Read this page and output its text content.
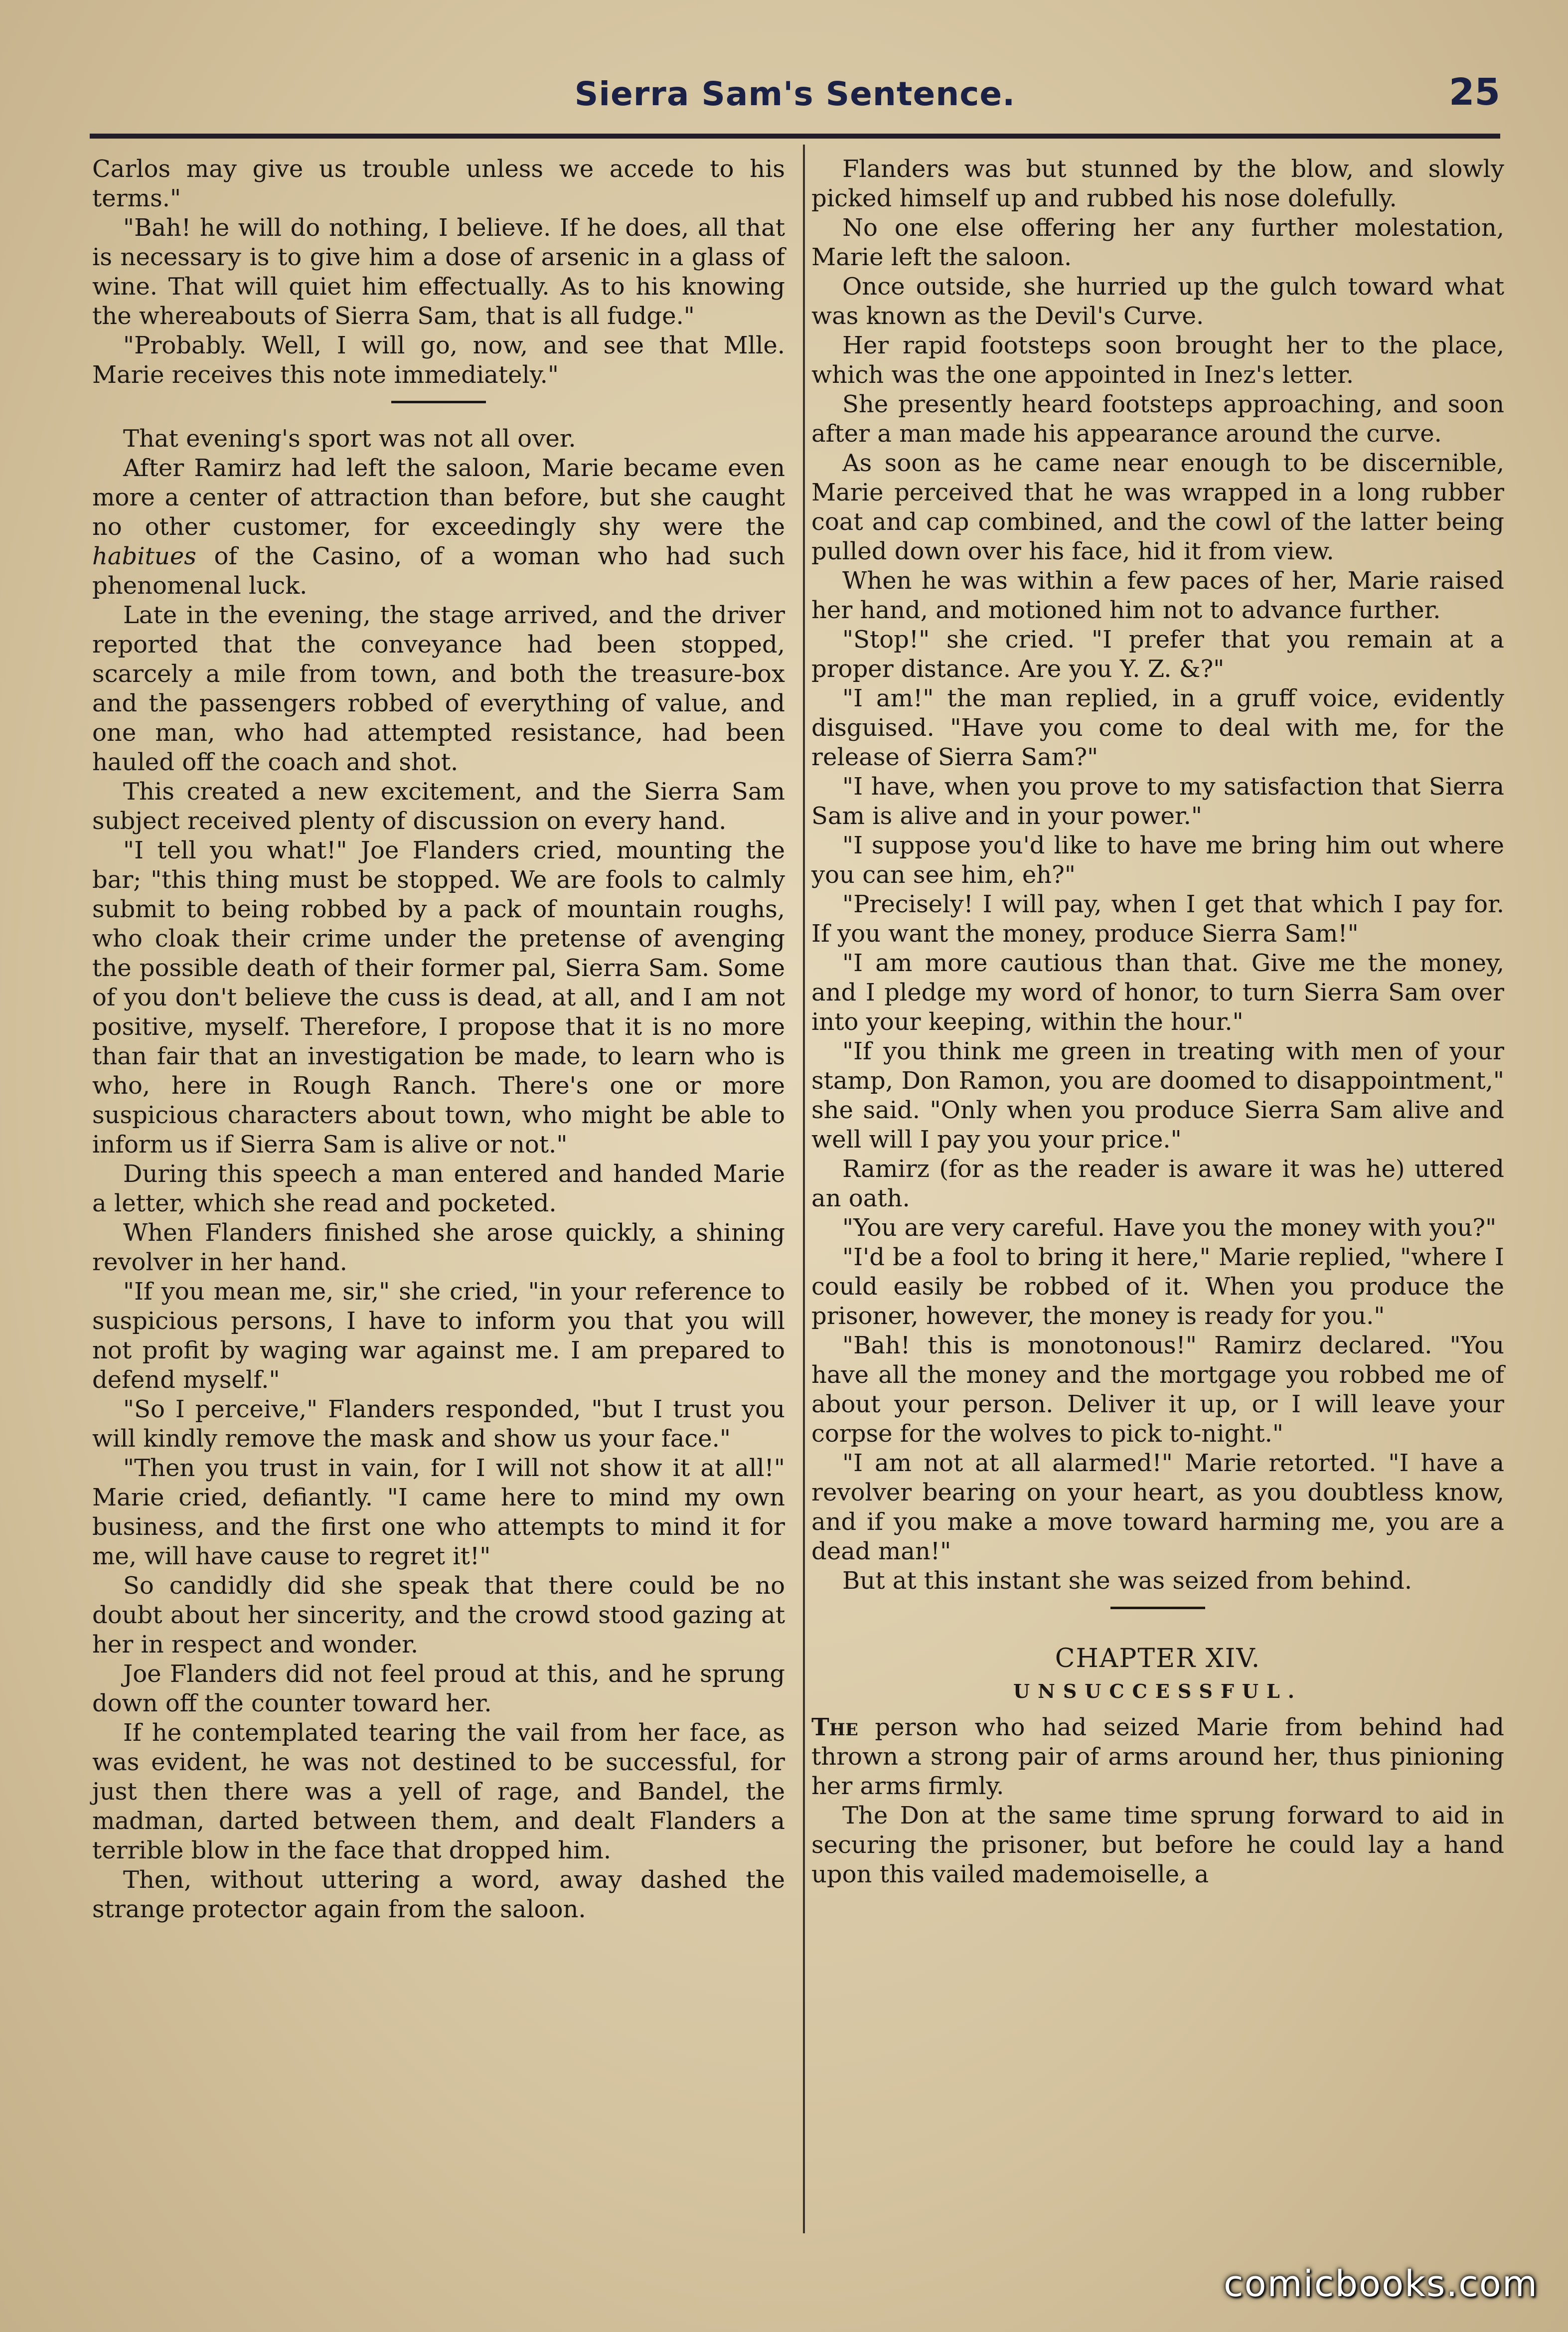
Sierra Sam's Sentence.	25

Carlos may give us trouble unless we accede to his terms."

"Bah! he will do nothing, I believe. If he does, all that is necessary is to give him a dose of arsenic in a glass of wine. That will quiet him effectually. As to his knowing the whereabouts of Sierra Sam, that is all fudge."

"Probably. Well, I will go, now, and see that Mlle. Marie receives this note immediately."

That evening's sport was not all over.

After Ramirz had left the saloon, Marie became even more a center of attraction than before, but she caught no other customer, for exceedingly shy were the habitues of the Casino, of a woman who had such phenomenal luck.

Late in the evening, the stage arrived, and the driver reported that the conveyance had been stopped, scarcely a mile from town, and both the treasure-box and the passengers robbed of everything of value, and one man, who had attempted resistance, had been hauled off the coach and shot.

This created a new excitement, and the Sierra Sam subject received plenty of discussion on every hand.

"I tell you what!" Joe Flanders cried, mounting the bar; "this thing must be stopped. We are fools to calmly submit to being robbed by a pack of mountain roughs, who cloak their crime under the pretense of avenging the possible death of their former pal, Sierra Sam. Some of you don't believe the cuss is dead, at all, and I am not positive, myself. Therefore, I propose that it is no more than fair that an investigation be made, to learn who is who, here in Rough Ranch. There's one or more suspicious characters about town, who might be able to inform us if Sierra Sam is alive or not."

During this speech a man entered and handed Marie a letter, which she read and pocketed.

When Flanders finished she arose quickly, a shining revolver in her hand.

"If you mean me, sir," she cried, "in your reference to suspicious persons, I have to inform you that you will not profit by waging war against me. I am prepared to defend myself."

"So I perceive," Flanders responded, "but I trust you will kindly remove the mask and show us your face."

"Then you trust in vain, for I will not show it at all!" Marie cried, defiantly. "I came here to mind my own business, and the first one who attempts to mind it for me, will have cause to regret it!"

So candidly did she speak that there could be no doubt about her sincerity, and the crowd stood gazing at her in respect and wonder.

Joe Flanders did not feel proud at this, and he sprung down off the counter toward her.

If he contemplated tearing the vail from her face, as was evident, he was not destined to be successful, for just then there was a yell of rage, and Bandel, the madman, darted between them, and dealt Flanders a terrible blow in the face that dropped him.

Then, without uttering a word, away dashed the strange protector again from the saloon.

Flanders was but stunned by the blow, and slowly picked himself up and rubbed his nose dolefully.

No one else offering her any further molestation, Marie left the saloon.

Once outside, she hurried up the gulch toward what was known as the Devil's Curve.

Her rapid footsteps soon brought her to the place, which was the one appointed in Inez's letter.

She presently heard footsteps approaching, and soon after a man made his appearance around the curve.

As soon as he came near enough to be discernible, Marie perceived that he was wrapped in a long rubber coat and cap combined, and the cowl of the latter being pulled down over his face, hid it from view.

When he was within a few paces of her, Marie raised her hand, and motioned him not to advance further.

"Stop!" she cried. "I prefer that you remain at a proper distance. Are you Y. Z. &?"

"I am!" the man replied, in a gruff voice, evidently disguised. "Have you come to deal with me, for the release of Sierra Sam?"

"I have, when you prove to my satisfaction that Sierra Sam is alive and in your power."

"I suppose you'd like to have me bring him out where you can see him, eh?"

"Precisely! I will pay, when I get that which I pay for. If you want the money, produce Sierra Sam!"

"I am more cautious than that. Give me the money, and I pledge my word of honor, to turn Sierra Sam over into your keeping, within the hour."

"If you think me green in treating with men of your stamp, Don Ramon, you are doomed to disappointment," she said. "Only when you produce Sierra Sam alive and well will I pay you your price."

Ramirz (for as the reader is aware it was he) uttered an oath.

"You are very careful. Have you the money with you?"

"I'd be a fool to bring it here," Marie replied, "where I could easily be robbed of it. When you produce the prisoner, however, the money is ready for you."

"Bah! this is monotonous!" Ramirz declared. "You have all the money and the mortgage you robbed me of about your person. Deliver it up, or I will leave your corpse for the wolves to pick to-night."

"I am not at all alarmed!" Marie retorted. "I have a revolver bearing on your heart, as you doubtless know, and if you make a move toward harming me, you are a dead man!"

But at this instant she was seized from behind.

CHAPTER XIV.
UNSUCCESSFUL.

The person who had seized Marie from behind had thrown a strong pair of arms around her, thus pinioning her arms firmly.

The Don at the same time sprung forward to aid in securing the prisoner, but before he could lay a hand upon this vailed mademoiselle, a

comicbooks.com
